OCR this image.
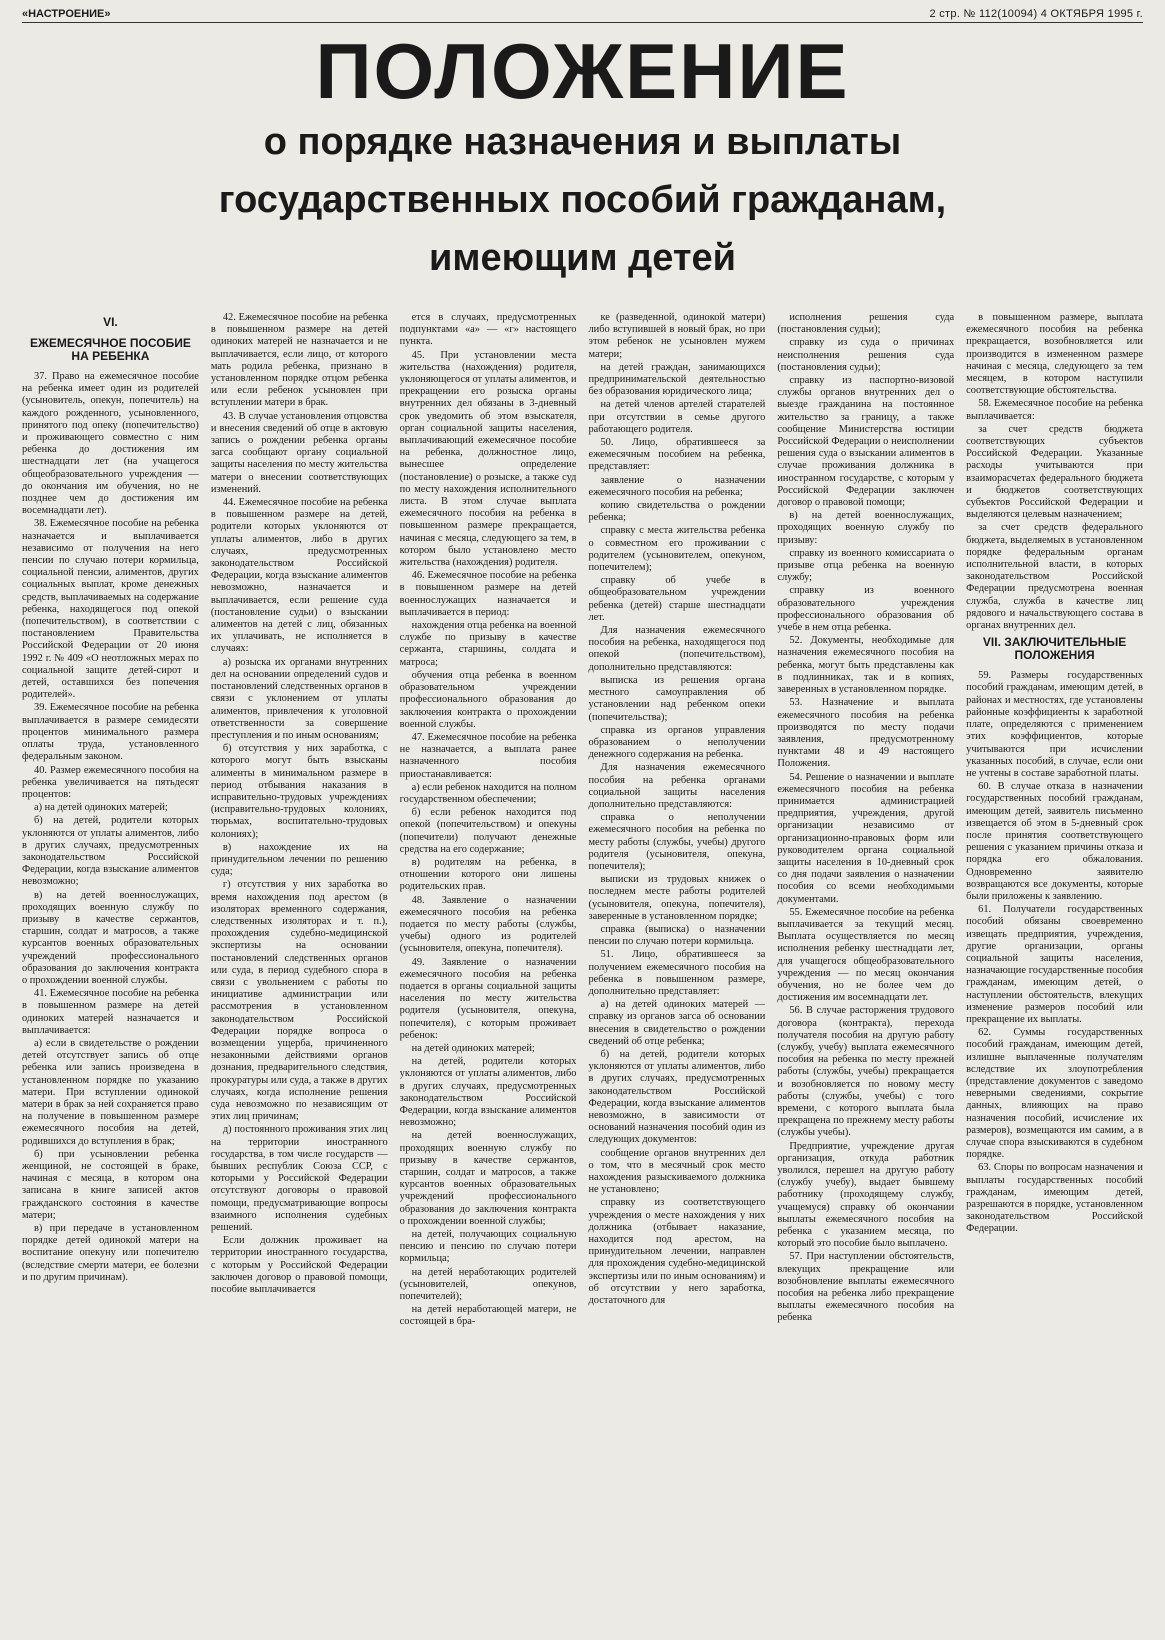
«НАСТРОЕНИЕ»	2 стр. № 112(10094) 4 ОКТЯБРЯ 1995 г.
ПОЛОЖЕНИЕ
о порядке назначения и выплаты
государственных пособий гражданам,
имеющим детей
VI.
ЕЖЕМЕСЯЧНОЕ ПОСОБИЕ НА РЕБЕНКА

37. Право на ежемесячное пособие на ребенка имеет один из родителей (усыновитель, опекун, попечитель) на каждого рожденного, усыновленного, принятого под опеку (попечительство) и проживающего совместно с ним ребенка до достижения им шестнадцати лет (на учащегося общеобразовательного учреждения — до окончания им обучения, но не позднее чем до достижения им восемнадцати лет).

38. Ежемесячное пособие на ребенка назначается и выплачивается независимо от получения на него пенсии по случаю потери кормильца, социальной пенсии, алиментов, других социальных выплат, кроме денежных средств, выплачиваемых на содержание ребенка, находящегося под опекой (попечительством), в соответствии с постановлением Правительства Российской Федерации от 20 июня 1992 г. № 409 «О неотложных мерах по социальной защите детей-сирот и детей, оставшихся без попечения родителей».

39. Ежемесячное пособие на ребенка выплачивается в размере семидесяти процентов минимального размера оплаты труда, установленного федеральным законом.

40. Размер ежемесячного пособия на ребенка увеличивается на пятьдесят процентов:

а) на детей одиноких матерей;

б) на детей, родители которых уклоняются от уплаты алиментов, либо в других случаях, предусмотренных законодательством Российской Федерации, когда взыскание алиментов невозможно;

в) на детей военнослужащих, проходящих военную службу по призыву в качестве сержантов, старшин, солдат и матросов, а также курсантов военных образовательных учреждений профессионального образования до заключения контракта о прохождении военной службы.

41. Ежемесячное пособие на ребенка в повышенном размере на детей одиноких матерей назначается и выплачивается:

а) если в свидетельстве о рождении детей отсутствует запись об отце ребенка или запись произведена в установленном порядке по указанию матери. При вступлении одинокой матери в брак за ней сохраняется право на получение в повышенном размере ежемесячного пособия на детей, родившихся до вступления в брак;

б) при усыновлении ребенка женщиной, не состоящей в браке, начиная с месяца, в котором она записана в книге записей актов гражданского состояния в качестве матери;

в) при передаче в установленном порядке детей одинокой матери на воспитание опекуну или попечителю (вследствие смерти матери, ее болезни и по другим причинам).

42. Ежемесячное пособие на ребенка в повышенном размере на детей одиноких матерей не назначается и не выплачивается, если лицо, от которого мать родила ребенка, признано в установленном порядке отцом ребенка или если ребенок усыновлен при вступлении матери в брак.

43. В случае установления отцовства и внесения сведений об отце в актовую запись о рождении ребенка органы загса сообщают органу социальной защиты населения по месту жительства матери о внесении соответствующих изменений.

44. Ежемесячное пособие на ребенка в повышенном размере на детей, родители которых уклоняются от уплаты алиментов, либо в других случаях, предусмотренных законодательством Российской Федерации, когда взыскание алиментов невозможно, назначается и выплачивается, если решение суда (постановление судьи) о взыскании алиментов на детей с лиц, обязанных их уплачивать, не исполняется в случаях:

а) розыска их органами внутренних дел на основании определений судов и постановлений следственных органов в связи с уклонением от уплаты алиментов, привлечения к уголовной ответственности за совершение преступления и по иным основаниям;

б) отсутствия у них заработка, с которого могут быть взысканы алименты в минимальном размере в период отбывания наказания в исправительно-трудовых учреждениях (исправительно-трудовых колониях, тюрьмах, воспитательно-трудовых колониях);

в) нахождение их на принудительном лечении по решению суда;

г) отсутствия у них заработка во время нахождения под арестом (в изоляторах временного содержания, следственных изоляторах и т. п.), прохождения судебно-медицинской экспертизы на основании постановлений следственных органов или суда, в период судебного спора в связи с увольнением с работы по инициативе администрации или рассмотрения в установленном законодательством Российской Федерации порядке вопроса о возмещении ущерба, причиненного незаконными действиями органов дознания, предварительного следствия, прокуратуры или суда, а также в других случаях, когда исполнение решения суда невозможно по независящим от этих лиц причинам;

д) постоянного проживания этих лиц на территории иностранного государства, в том числе государств — бывших республик Союза ССР, с которыми у Российской Федерации отсутствуют договоры о правовой помощи, предусматривающие вопросы взаимного исполнения судебных решений.

Если должник проживает на территории иностранного государства, с которым у Российской Федерации заключен договор о правовой помощи, пособие выплачивается

ется в случаях, предусмотренных подпунктами «а» — «г» настоящего пункта.

45. При установлении места жительства (нахождения) родителя, уклоняющегося от уплаты алиментов, и прекращении его розыска органы внутренних дел обязаны в 3-дневный срок уведомить об этом взыскателя, орган социальной защиты населения, выплачивающий ежемесячное пособие на ребенка, должностное лицо, вынесшее определение (постановление) о розыске, а также суд по месту нахождения исполнительного листа. В этом случае выплата ежемесячного пособия на ребенка в повышенном размере прекращается, начиная с месяца, следующего за тем, в котором было установлено место жительства (нахождения) родителя.

46. Ежемесячное пособие на ребенка в повышенном размере на детей военнослужащих назначается и выплачивается в период:

нахождения отца ребенка на военной службе по призыву в качестве сержанта, старшины, солдата и матроса;

обучения отца ребенка в военном образовательном учреждении профессионального образования до заключения контракта о прохождении военной службы.

47. Ежемесячное пособие на ребенка не назначается, а выплата ранее назначенного пособия приостанавливается:

а) если ребенок находится на полном государственном обеспечении;

б) если ребенок находится под опекой (попечительством) и опекуны (попечители) получают денежные средства на его содержание;

в) родителям на ребенка, в отношении которого они лишены родительских прав.

48. Заявление о назначении ежемесячного пособия на ребенка подается по месту работы (службы, учебы) одного из родителей (усыновителя, опекуна, попечителя).

49. Заявление о назначении ежемесячного пособия на ребенка подается в органы социальной защиты населения по месту жительства родителя (усыновителя, опекуна, попечителя), с которым проживает ребенок:

на детей одиноких матерей;

на детей, родители которых уклоняются от уплаты алиментов, либо в других случаях, предусмотренных законодательством Российской Федерации, когда взыскание алиментов невозможно;

на детей военнослужащих, проходящих военную службу по призыву в качестве сержантов, старшин, солдат и матросов, а также курсантов военных образовательных учреждений профессионального образования до заключения контракта о прохождении военной службы;

на детей, получающих социальную пенсию и пенсию по случаю потери кормильца;

на детей неработающих родителей (усыновителей, опекунов, попечителей);

на детей неработающей матери, не состоящей в бра-

ке (разведенной, одинокой матери) либо вступившей в новый брак, но при этом ребенок не усыновлен мужем матери;

на детей граждан, занимающихся предпринимательской деятельностью без образования юридического лица;

на детей членов артелей старателей при отсутствии в семье другого работающего родителя.

50. Лицо, обратившееся за ежемесячным пособием на ребенка, представляет:

заявление о назначении ежемесячного пособия на ребенка;

копию свидетельства о рождении ребенка;

справку с места жительства ребенка о совместном его проживании с родителем (усыновителем, опекуном, попечителем);

справку об учебе в общеобразовательном учреждении ребенка (детей) старше шестнадцати лет.

Для назначения ежемесячного пособия на ребенка, находящегося под опекой (попечительством), дополнительно представляются:

выписка из решения органа местного самоуправления об установлении над ребенком опеки (попечительства);

справка из органов управления образованием о неполучении денежного содержания на ребенка.

Для назначения ежемесячного пособия на ребенка органами социальной защиты населения дополнительно представляются:

справка о неполучении ежемесячного пособия на ребенка по месту работы (службы, учебы) другого родителя (усыновителя, опекуна, попечителя);

выписки из трудовых книжек о последнем месте работы родителей (усыновителя, опекуна, попечителя), заверенные в установленном порядке;

справка (выписка) о назначении пенсии по случаю потери кормильца.

51. Лицо, обратившееся за получением ежемесячного пособия на ребенка в повышенном размере, дополнительно представляет:

а) на детей одиноких матерей — справку из органов загса об основании внесения в свидетельство о рождении сведений об отце ребенка;

б) на детей, родители которых уклоняются от уплаты алиментов, либо в других случаях, предусмотренных законодательством Российской Федерации, когда взыскание алиментов невозможно, в зависимости от оснований назначения пособий один из следующих документов:

сообщение органов внутренних дел о том, что в месячный срок место нахождения разыскиваемого должника не установлено;

справку из соответствующего учреждения о месте нахождения у них должника (отбывает наказание, находится под арестом, на принудительном лечении, направлен для прохождения судебно-медицинской экспертизы или по иным основаниям) и об отсутствии у него заработка, достаточного для

исполнения решения суда (постановления судьи);

справку из суда о причинах неисполнения решения суда (постановления судьи);

справку из паспортно-визовой службы органов внутренних дел о выезде гражданина на постоянное жительство за границу, а также сообщение Министерства юстиции Российской Федерации о неисполнении решения суда о взыскании алиментов в случае проживания должника в иностранном государстве, с которым у Российской Федерации заключен договор о правовой помощи;

в) на детей военнослужащих, проходящих военную службу по призыву:

справку из военного комиссариата о призыве отца ребенка на военную службу;

справку из военного образовательного учреждения профессионального образования об учебе в нем отца ребенка.

52. Документы, необходимые для назначения ежемесячного пособия на ребенка, могут быть представлены как в подлинниках, так и в копиях, заверенных в установленном порядке.

53. Назначение и выплата ежемесячного пособия на ребенка производятся по месту подачи заявления, предусмотренному пунктами 48 и 49 настоящего Положения.

54. Решение о назначении и выплате ежемесячного пособия на ребенка принимается администрацией предприятия, учреждения, другой организации независимо от организационно-правовых форм или руководителем органа социальной защиты населения в 10-дневный срок со дня подачи заявления о назначении пособия со всеми необходимыми документами.

55. Ежемесячное пособие на ребенка выплачивается за текущий месяц. Выплата осуществляется по месяц исполнения ребенку шестнадцати лет, для учащегося общеобразовательного учреждения — по месяц окончания обучения, но не более чем до достижения им восемнадцати лет.

56. В случае расторжения трудового договора (контракта), перехода получателя пособия на другую работу (службу, учебу) выплата ежемесячного пособия на ребенка по месту прежней работы (службы, учебы) прекращается и возобновляется по новому месту работы (службы, учебы) с того времени, с которого выплата была прекращена по прежнему месту работы (службы учебы).

Предприятие, учреждение другая организация, откуда работник уволился, перешел на другую работу (службу учебу), выдает бывшему работнику (проходящему службу, учащемуся) справку об окончании выплаты ежемесячного пособия на ребенка с указанием месяца, по который это пособие было выплачено.

57. При наступлении обстоятельств, влекущих прекращение или возобновление выплаты ежемесячного пособия на ребенка либо прекращение выплаты ежемесячного пособия на ребенка

в повышенном размере, выплата ежемесячного пособия на ребенка прекращается, возобновляется или производится в измененном размере начиная с месяца, следующего за тем месяцем, в котором наступили соответствующие обстоятельства.

58. Ежемесячное пособие на ребенка выплачивается:

за счет средств бюджета соответствующих субъектов Российской Федерации. Указанные расходы учитываются при взаиморасчетах федерального бюджета и бюджетов соответствующих субъектов Российской Федерации и выделяются целевым назначением;

за счет средств федерального бюджета, выделяемых в установленном порядке федеральным органам исполнительной власти, в которых законодательством Российской Федерации предусмотрена военная служба, служба в качестве лиц рядового и начальствующего состава в органах внутренних дел.

VII. ЗАКЛЮЧИТЕЛЬНЫЕ ПОЛОЖЕНИЯ

59. Размеры государственных пособий гражданам, имеющим детей, в районах и местностях, где установлены районные коэффициенты к заработной плате, определяются с применением этих коэффициентов, которые учитываются при исчислении указанных пособий, в случае, если они не учтены в составе заработной платы.

60. В случае отказа в назначении государственных пособий гражданам, имеющим детей, заявитель письменно извещается об этом в 5-дневный срок после принятия соответствующего решения с указанием причины отказа и порядка его обжалования. Одновременно заявителю возвращаются все документы, которые были приложены к заявлению.

61. Получатели государственных пособий обязаны своевременно извещать предприятия, учреждения, другие организации, органы социальной защиты населения, назначающие государственные пособия гражданам, имеющим детей, о наступлении обстоятельств, влекущих изменение размеров пособий или прекращение их выплаты.

62. Суммы государственных пособий гражданам, имеющим детей, излишне выплаченные получателям вследствие их злоупотребления (представление документов с заведомо неверными сведениями, сокрытие данных, влияющих на право назначения пособий, исчисление их размеров), возмещаются им самим, а в случае спора взыскиваются в судебном порядке.

63. Споры по вопросам назначения и выплаты государственных пособий гражданам, имеющим детей, разрешаются в порядке, установленном законодательством Российской Федерации.
